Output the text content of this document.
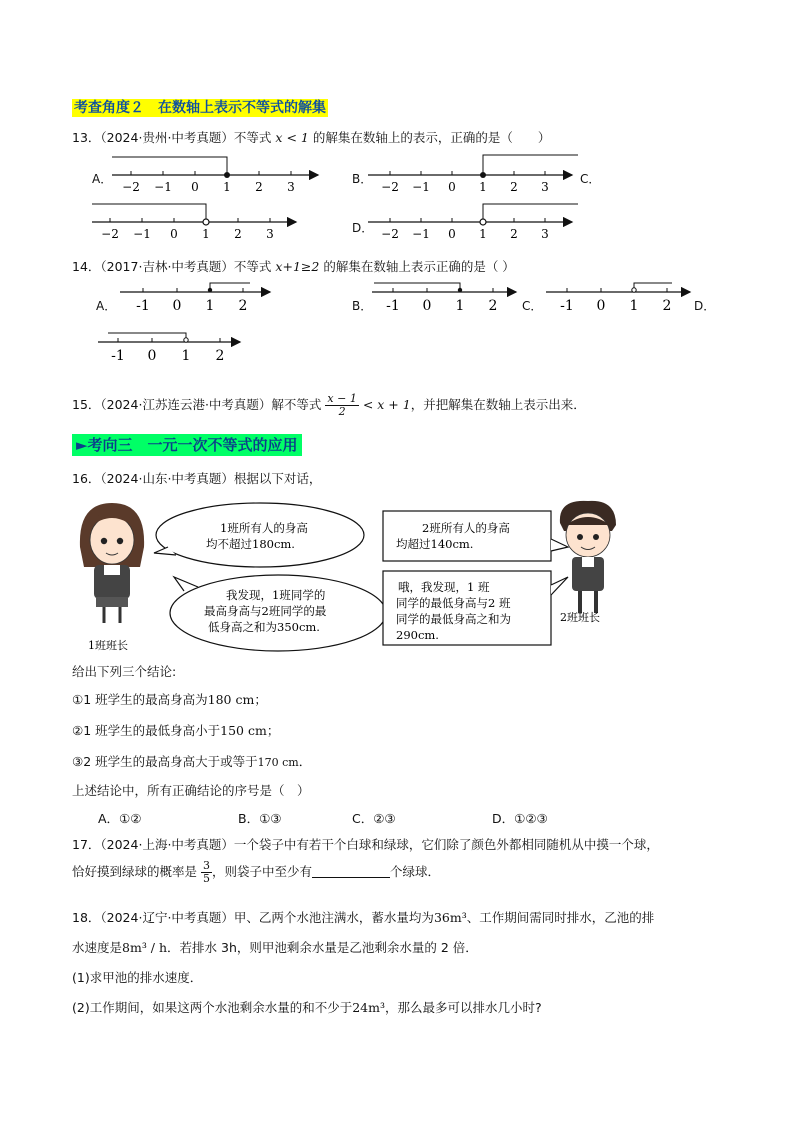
考查角度２　在数轴上表示不等式的解集
13．（2024·贵州·中考真题）不等式 x < 1 的解集在数轴上的表示，正确的是（　　）
A．	B．	C．
D．
−2 −1 0 1 2 3	−2 −1 0 1 2 3
−2 −1 0 1 2 3	−2 −1 0 1 2 3
14．（2017·吉林·中考真题）不等式 x+1≥2 的解集在数轴上表示正确的是（ ）
A．	B．	C．	D．
-1 0 1 2	-1 0 1 2	-1 0 1 2
-1 0 1 2
15．（2024·江苏连云港·中考真题）解不等式 $\frac{x - 1}{2} < x + 1$，并把解集在数轴上表示出来．
►考向三　一元一次不等式的应用
16．（2024·山东·中考真题）根据以下对话，
1班班长
1班所有人的身高
均不超过180cm.
我发现，1班同学的
最高身高与2班同学的最
低身高之和为350cm.
2班所有人的身高
均超过140cm.
哦，我发现，1 班
同学的最低身高与2 班
同学的最低身高之和为
290cm.
2班班长
给出下列三个结论:
①1 班学生的最高身高为180 cm；
②1 班学生的最低身高小于150 cm；
③2 班学生的最高身高大于或等于170 cm．
上述结论中，所有正确结论的序号是（　）
A．①②	B．①③	C．②③	D．①②③
17．（2024·上海·中考真题）一个袋子中有若干个白球和绿球，它们除了颜色外都相同随机从中摸一个球，
恰好摸到绿球的概率是 $\frac{3}{5}$ ，则袋子中至少有	个绿球．
18．（2024·辽宁·中考真题）甲、乙两个水池注满水，蓄水量均为36m³、工作期间需同时排水，乙池的排
水速度是8m³ / h．若排水 3h，则甲池剩余水量是乙池剩余水量的 2 倍．
(1)求甲池的排水速度．
(2)工作期间，如果这两个水池剩余水量的和不少于24m³，那么最多可以排水几小时?
